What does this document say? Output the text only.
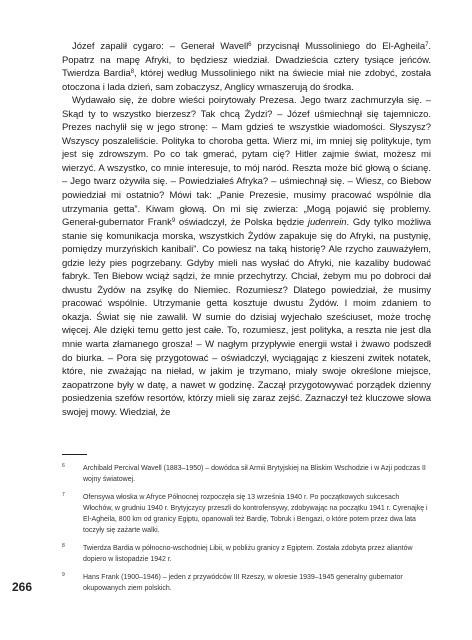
Józef zapalił cygaro: – Generał Wavell$^6$ przycisnął Mussoliniego do El-Agheila$^7$. Popatrz na mapę Afryki, to będziesz wiedział. Dwadzieścia cztery tysiące jeńców. Twierdza Bardia$^8$, której według Mussoliniego nikt na świecie miał nie zdobyć, została otoczona i lada dzień, sam zobaczysz, Anglicy wmaszerują do środka.
Wydawało się, że dobre wieści poirytowały Prezesa. Jego twarz zachmurzyła się. – Skąd ty to wszystko bierzesz? Tak chcą Żydzi? – Józef uśmiechnął się tajemniczo. Prezes nachylił się w jego stronę: – Mam gdzieś te wszystkie wiadomości. Słyszysz? Wszyscy poszaleliście. Polityka to choroba getta. Wierz mi, im mniej się politykuje, tym jest się zdrowszym. Po co tak gmerać, pytam cię? Hitler zajmie świat, możesz mi wierzyć. A wszystko, co mnie interesuje, to mój naród. Reszta może bić głową o ścianę. – Jego twarz ożywiła się. – Powiedziałeś Afryka? – uśmiechnął się. – Wiesz, co Biebow powiedział mi ostatnio? Mówi tak: „Panie Prezesie, musimy pracować wspólnie dla utrzymania getta”. Kiwam głową. On mi się zwierza: „Mogą pojawić się problemy. Generał-gubernator Frank$^9$ oświadczył, że Polska będzie judenrein. Gdy tylko możliwa stanie się komunikacja morska, wszystkich Żydów zapakuje się do Afryki, na pustynię, pomiędzy murzyńskich kanibali”. Co powiesz na taką historię? Ale rzycho zauważyłem, gdzie leży pies pogrzebany. Gdyby mieli nas wysłać do Afryki, nie kazaliby budować fabryk. Ten Biebow wciąż sądzi, że mnie przechytrzy. Chciał, żebym mu po dobroci dał dwustu Żydów na zsyłkę do Niemiec. Rozumiesz? Dlatego powiedział, że musimy pracować wspólnie. Utrzymanie getta kosztuje dwustu Żydów. I moim zdaniem to okazja. Świat się nie zawalił. W sumie do dzisiaj wyjechało sześciuset, może trochę więcej. Ale dzięki temu getto jest całe. To, rozumiesz, jest polityka, a reszta nie jest dla mnie warta złamanego grosza! – W nagłym przypływie energii wstał i żwawo podszedł do biurka. – Pora się przygotować – oświadczył, wyciągając z kieszeni zwitek notatek, które, nie zważając na nieład, w jakim je trzymano, miały swoje określone miejsce, zaopatrzone były w datę, a nawet w godzinę. Zaczął przygotowywać porządek dzienny posiedzenia szefów resortów, którzy mieli się zaraz zejść. Zaznaczył też kluczowe słowa swojej mowy. Wiedział, że

6	Archibald Percival Wavell (1883–1950) – dowódca sił Armii Brytyjskiej na Bliskim Wschodzie i w Azji podczas II wojny światowej.
7	Ofensywa włoska w Afryce Północnej rozpoczęła się 13 września 1940 r. Po początkowych sukcesach Włochów, w grudniu 1940 r. Brytyjczycy przeszli do kontrofensywy, zdobywając na początku 1941 r. Cyrenajkę i El-Agheila, 800 km od granicy Egiptu, opanowali też Bardię, Tobruk i Bengazi, o które potem przez dwa lata toczyły się zażarte walki.
8	Twierdza Bardia w północno-wschodniej Libii, w pobliżu granicy z Egiptem. Została zdobyta przez aliantów dopiero w listopadzie 1942 r.
9	Hans Frank (1900–1946) – jeden z przywódców III Rzeszy, w okresie 1939–1945 generalny gubernator okupowanych ziem polskich.
266
